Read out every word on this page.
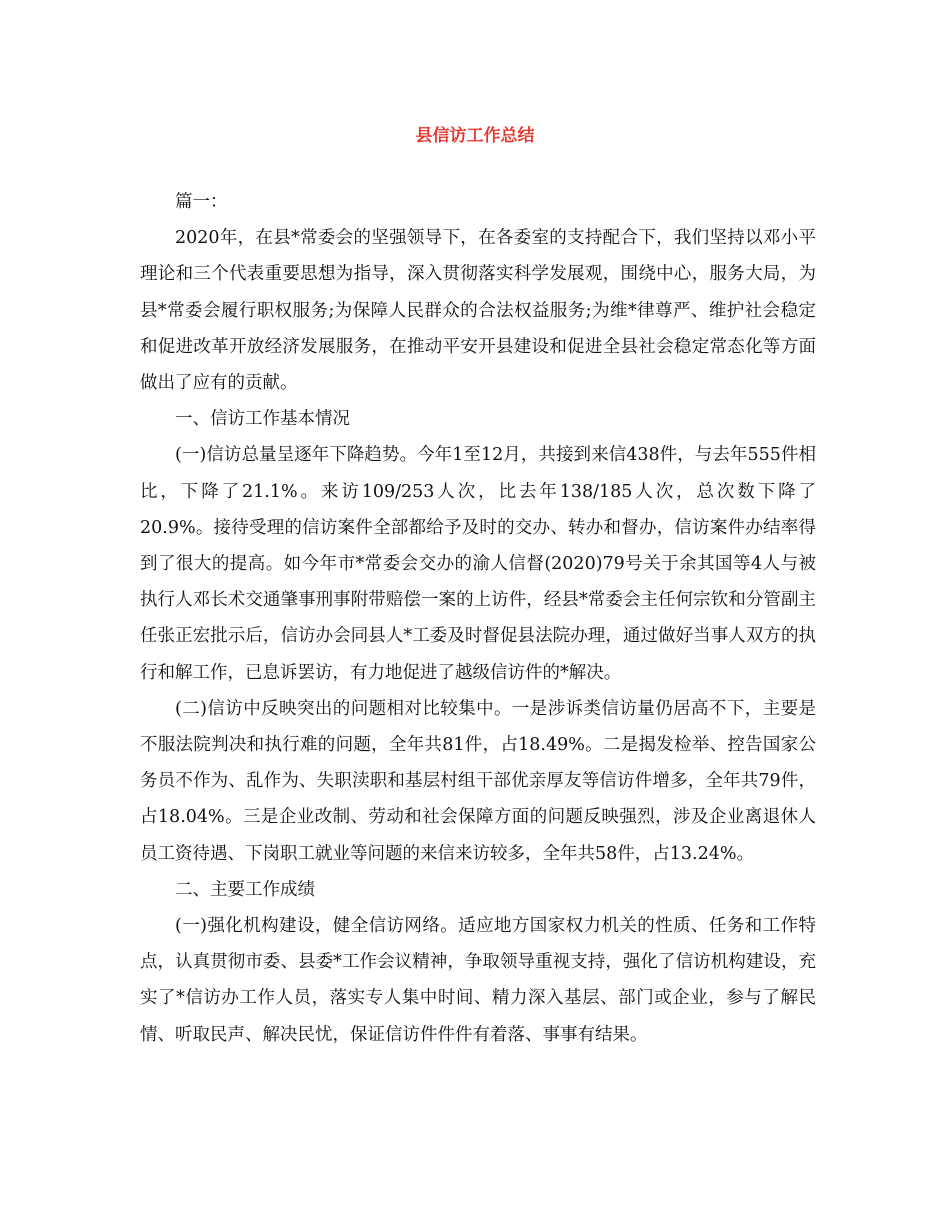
县信访工作总结

篇一：

2020年，在县*常委会的坚强领导下，在各委室的支持配合下，我们坚持以邓小平理论和三个代表重要思想为指导，深入贯彻落实科学发展观，围绕中心，服务大局，为县*常委会履行职权服务;为保障人民群众的合法权益服务;为维*律尊严、维护社会稳定和促进改革开放经济发展服务，在推动平安开县建设和促进全县社会稳定常态化等方面做出了应有的贡献。

一、信访工作基本情况

(一)信访总量呈逐年下降趋势。今年1至12月，共接到来信438件，与去年555件相比，下降了21.1%。来访109/253人次，比去年138/185人次，总次数下降了20.9%。接待受理的信访案件全部都给予及时的交办、转办和督办，信访案件办结率得到了很大的提高。如今年市*常委会交办的渝人信督(2020)79号关于余其国等4人与被执行人邓长术交通肇事刑事附带赔偿一案的上访件，经县*常委会主任何宗钦和分管副主任张正宏批示后，信访办会同县人*工委及时督促县法院办理，通过做好当事人双方的执行和解工作，已息诉罢访，有力地促进了越级信访件的*解决。

(二)信访中反映突出的问题相对比较集中。一是涉诉类信访量仍居高不下，主要是不服法院判决和执行难的问题，全年共81件，占18.49%。二是揭发检举、控告国家公务员不作为、乱作为、失职渎职和基层村组干部优亲厚友等信访件增多，全年共79件，占18.04%。三是企业改制、劳动和社会保障方面的问题反映强烈，涉及企业离退休人员工资待遇、下岗职工就业等问题的来信来访较多，全年共58件，占13.24%。

二、主要工作成绩

(一)强化机构建设，健全信访网络。适应地方国家权力机关的性质、任务和工作特点，认真贯彻市委、县委*工作会议精神，争取领导重视支持，强化了信访机构建设，充实了*信访办工作人员，落实专人集中时间、精力深入基层、部门或企业，参与了解民情、听取民声、解决民忧，保证信访件件件有着落、事事有结果。
